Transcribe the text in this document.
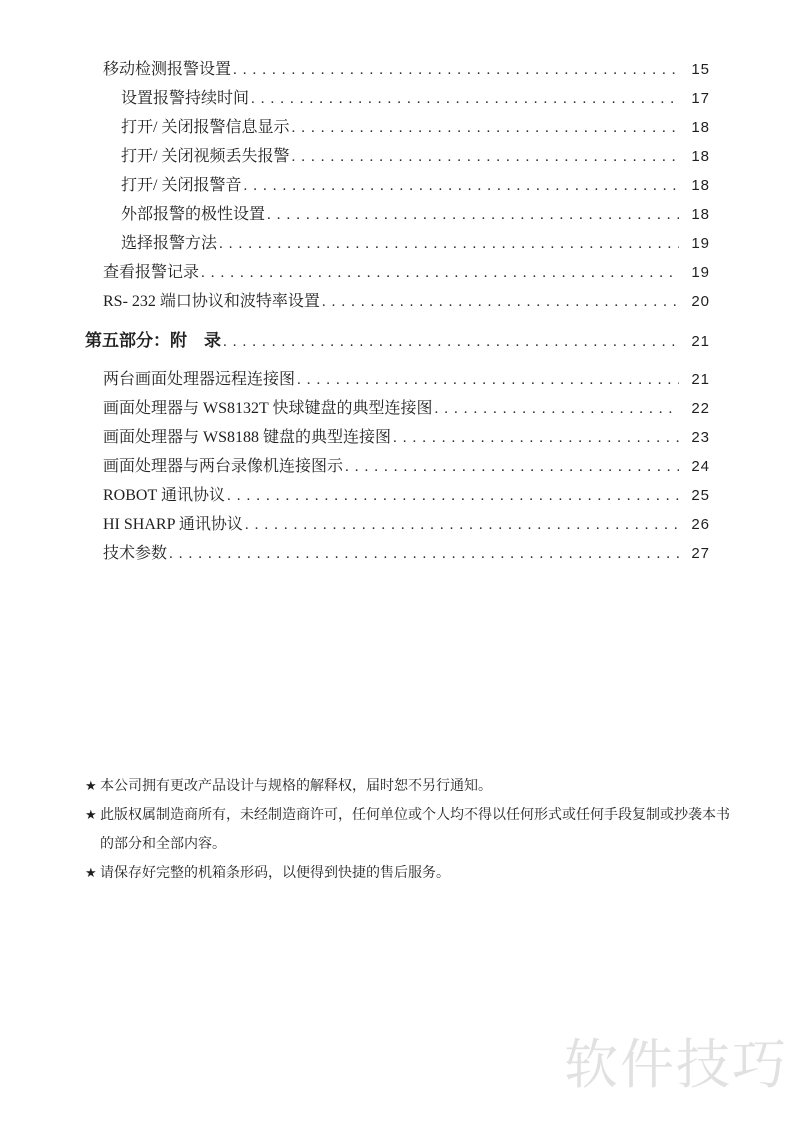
移动检测报警设置 .....	15
设置报警持续时间 .....	17
打开/ 关闭报警信息显示 .....	18
打开/ 关闭视频丢失报警 .....	18
打开/ 关闭报警音 .....	18
外部报警的极性设置 .....	18
选择报警方法 .....	19
查看报警记录 .....	19
RS- 232 端口协议和波特率设置 .....	20
第五部分：附　录 .....	21
两台画面处理器远程连接图 .....	21
画面处理器与 WS8132T 快球键盘的典型连接图 .....	22
画面处理器与 WS8188 键盘的典型连接图 .....	23
画面处理器与两台录像机连接图示 .....	24
ROBOT 通讯协议 .....	25
HI SHARP 通讯协议 .....	26
技术参数 .....	27
★ 本公司拥有更改产品设计与规格的解释权，届时恕不另行通知。
★ 此版权属制造商所有，未经制造商许可，任何单位或个人均不得以任何形式或任何手段复制或抄袭本书的部分和全部内容。
★ 请保存好完整的机箱条形码，以便得到快捷的售后服务。
软件技巧
